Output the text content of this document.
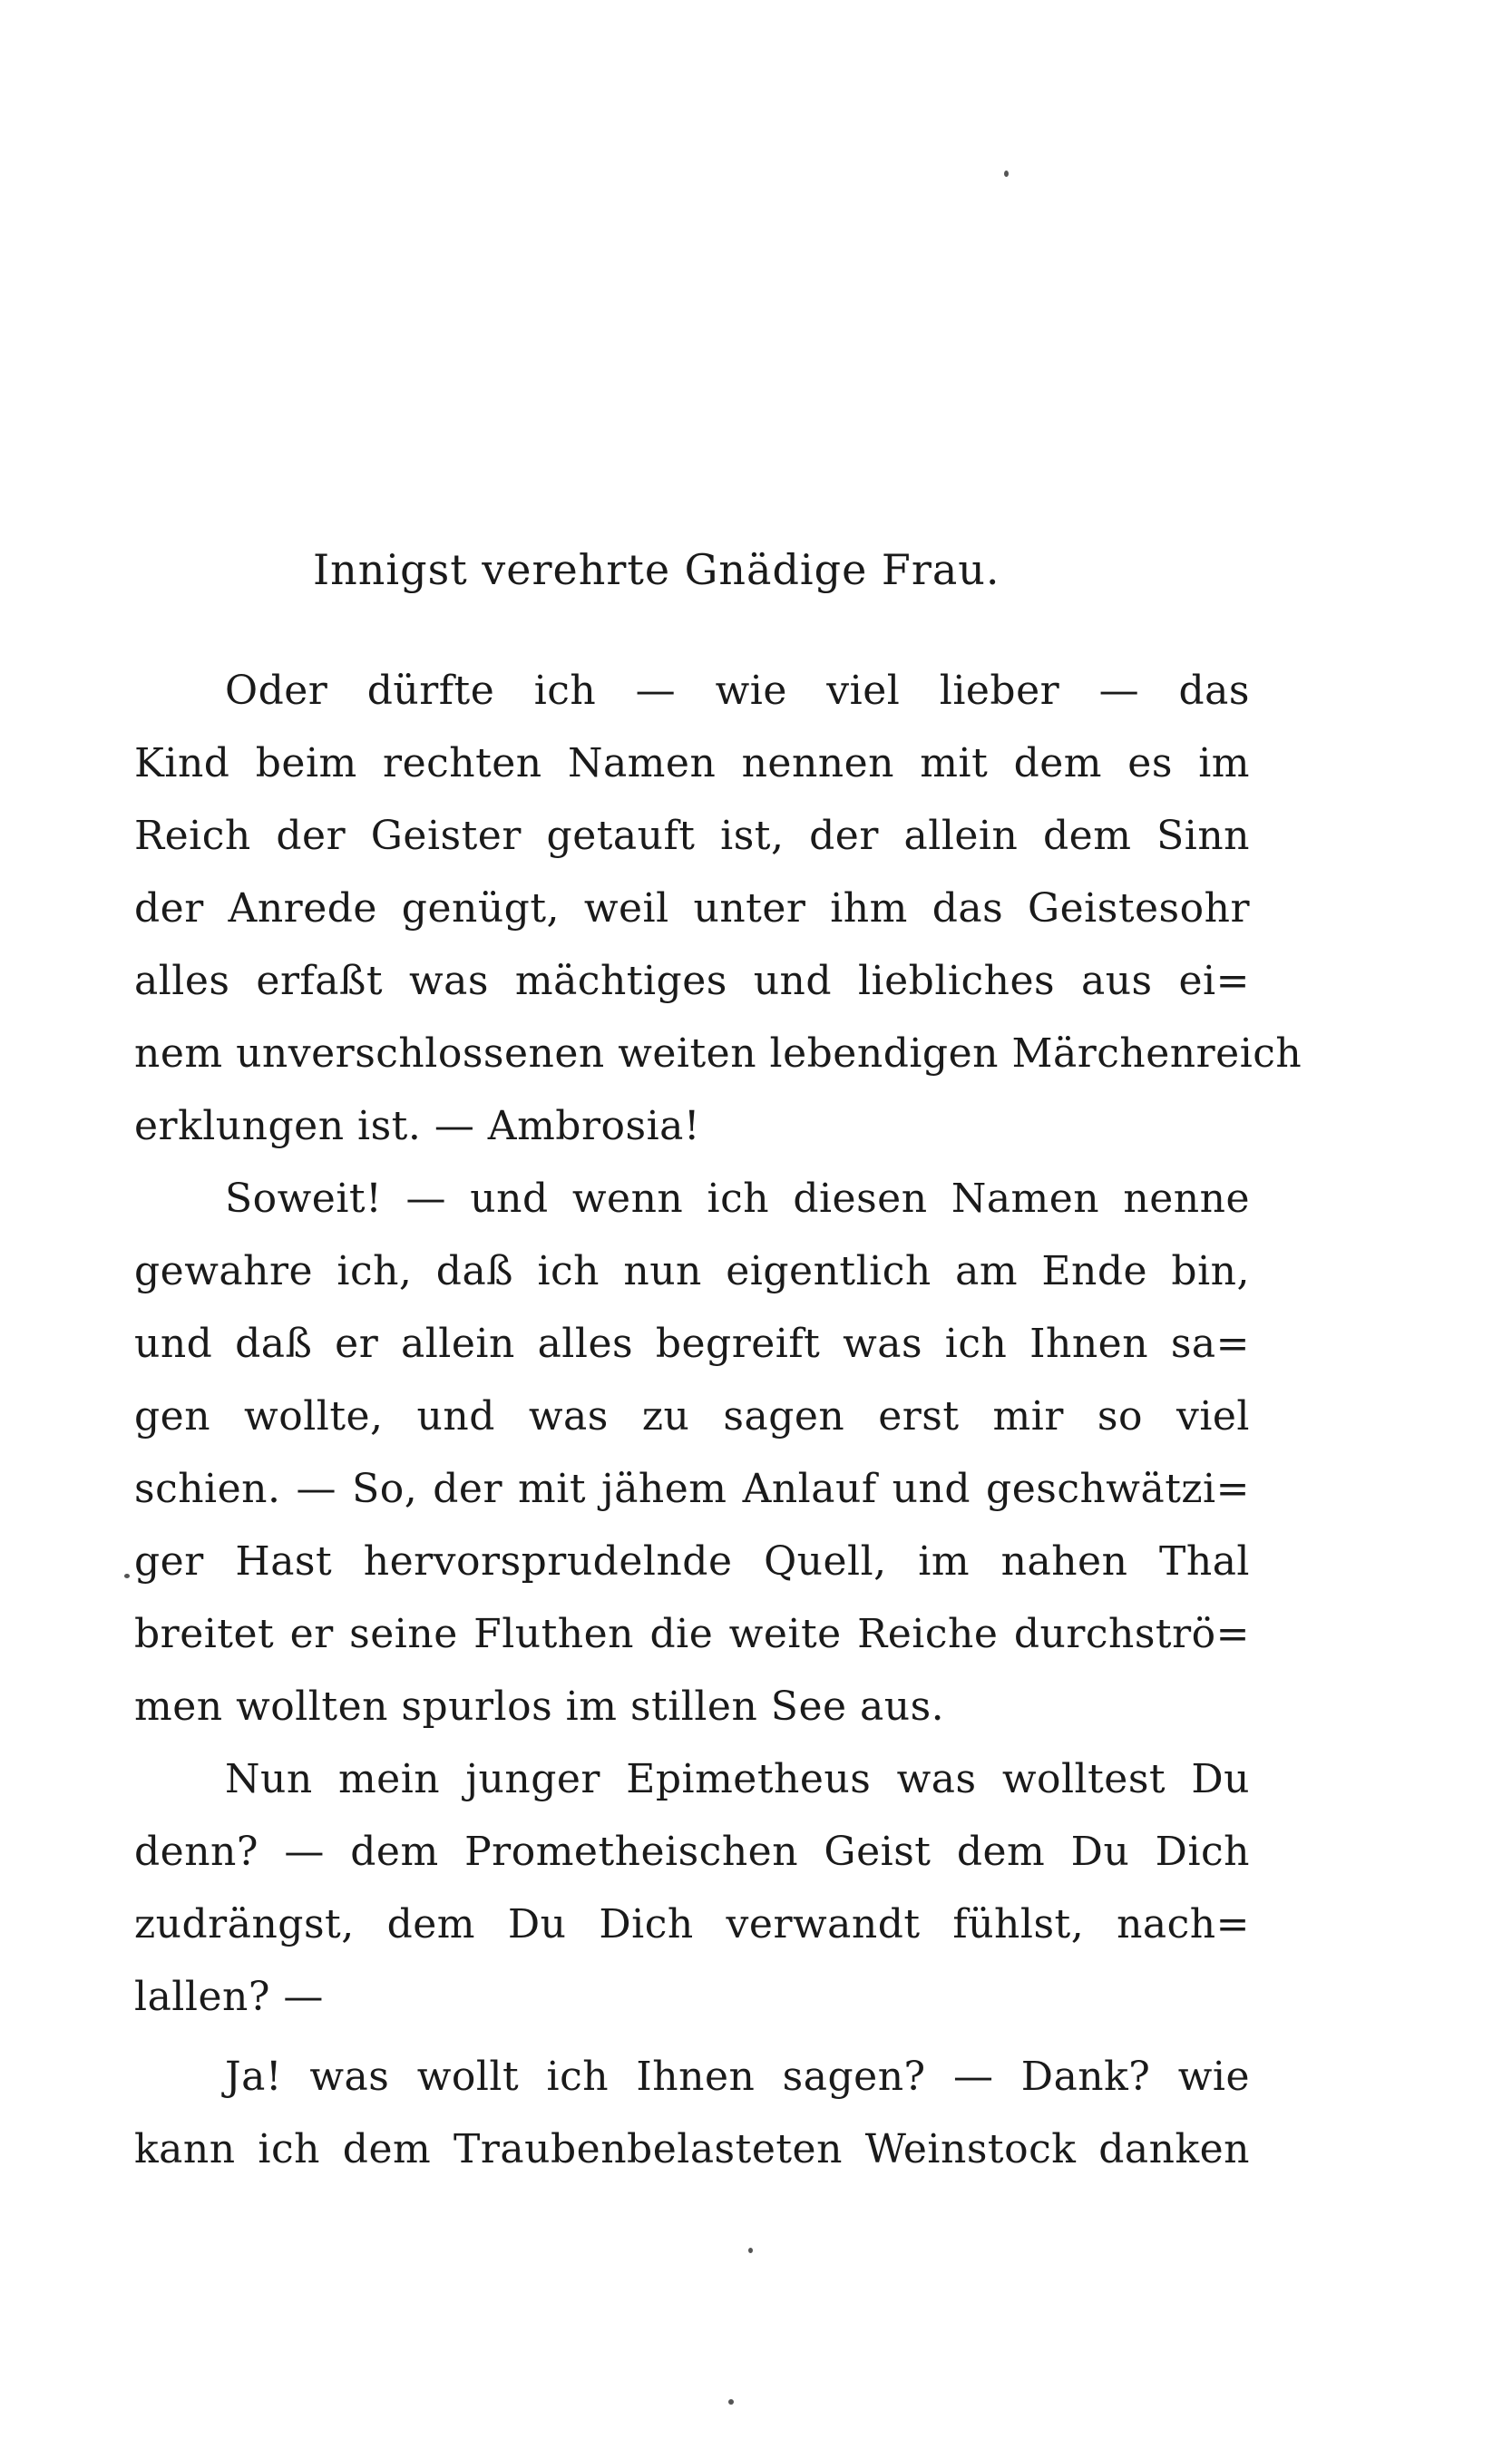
Innigst verehrte Gnädige Frau.
Oder dürfte ich — wie viel lieber — das
Kind beim rechten Namen nennen mit dem es im
Reich der Geister getauft ist, der allein dem Sinn
der Anrede genügt, weil unter ihm das Geistesohr
alles erfaßt was mächtiges und liebliches aus ei=
nem unverschlossenen weiten lebendigen Märchenreich
erklungen ist. — Ambrosia!
Soweit! — und wenn ich diesen Namen nenne
gewahre ich, daß ich nun eigentlich am Ende bin,
und daß er allein alles begreift was ich Ihnen sa=
gen wollte, und was zu sagen erst mir so viel
schien. — So, der mit jähem Anlauf und geschwätzi=
ger Hast hervorsprudelnde Quell, im nahen Thal
breitet er seine Fluthen die weite Reiche durchströ=
men wollten spurlos im stillen See aus.
Nun mein junger Epimetheus was wolltest Du
denn? — dem Prometheischen Geist dem Du Dich
zudrängst, dem Du Dich verwandt fühlst, nach=
lallen? —
Ja! was wollt ich Ihnen sagen? — Dank? wie
kann ich dem Traubenbelasteten Weinstock danken
